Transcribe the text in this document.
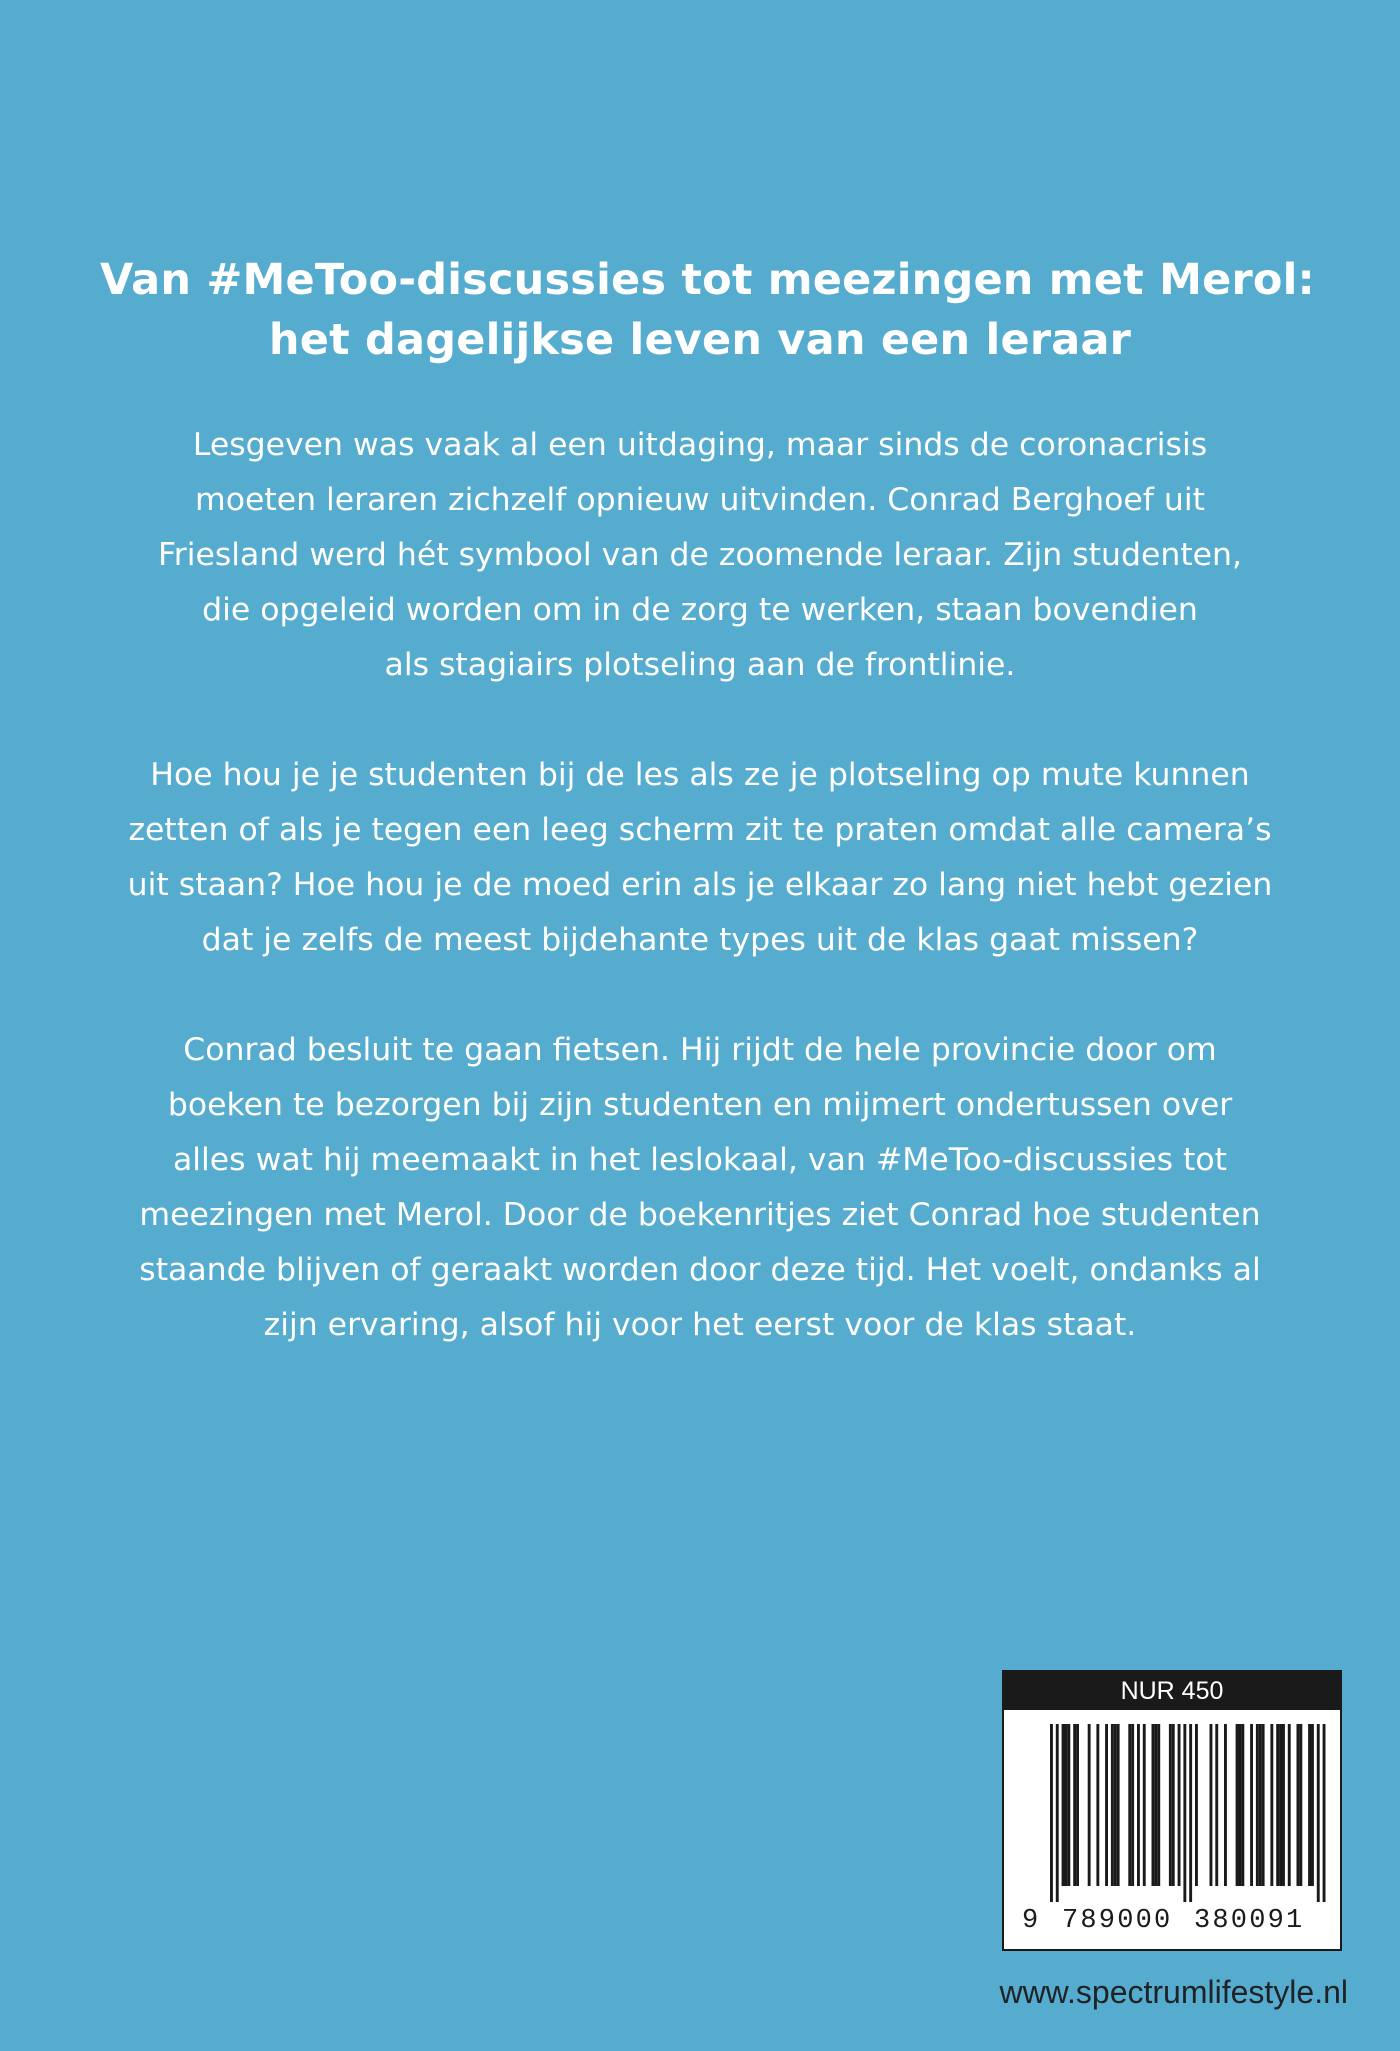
Van #MeToo-discussies tot meezingen met Merol:
het dagelijkse leven van een leraar
Lesgeven was vaak al een uitdaging, maar sinds de coronacrisis
moeten leraren zichzelf opnieuw uitvinden. Conrad Berghoef uit
Friesland werd hét symbool van de zoomende leraar. Zijn studenten,
die opgeleid worden om in de zorg te werken, staan bovendien
als stagiairs plotseling aan de frontlinie.
Hoe hou je je studenten bij de les als ze je plotseling op mute kunnen
zetten of als je tegen een leeg scherm zit te praten omdat alle camera’s
uit staan? Hoe hou je de moed erin als je elkaar zo lang niet hebt gezien
dat je zelfs de meest bijdehante types uit de klas gaat missen?
Conrad besluit te gaan fietsen. Hij rijdt de hele provincie door om
boeken te bezorgen bij zijn studenten en mijmert ondertussen over
alles wat hij meemaakt in het leslokaal, van #MeToo-discussies tot
meezingen met Merol. Door de boekenritjes ziet Conrad hoe studenten
staande blijven of geraakt worden door deze tijd. Het voelt, ondanks al
zijn ervaring, alsof hij voor het eerst voor de klas staat.
NUR 450
9 789000 380091
www.spectrumlifestyle.nl
